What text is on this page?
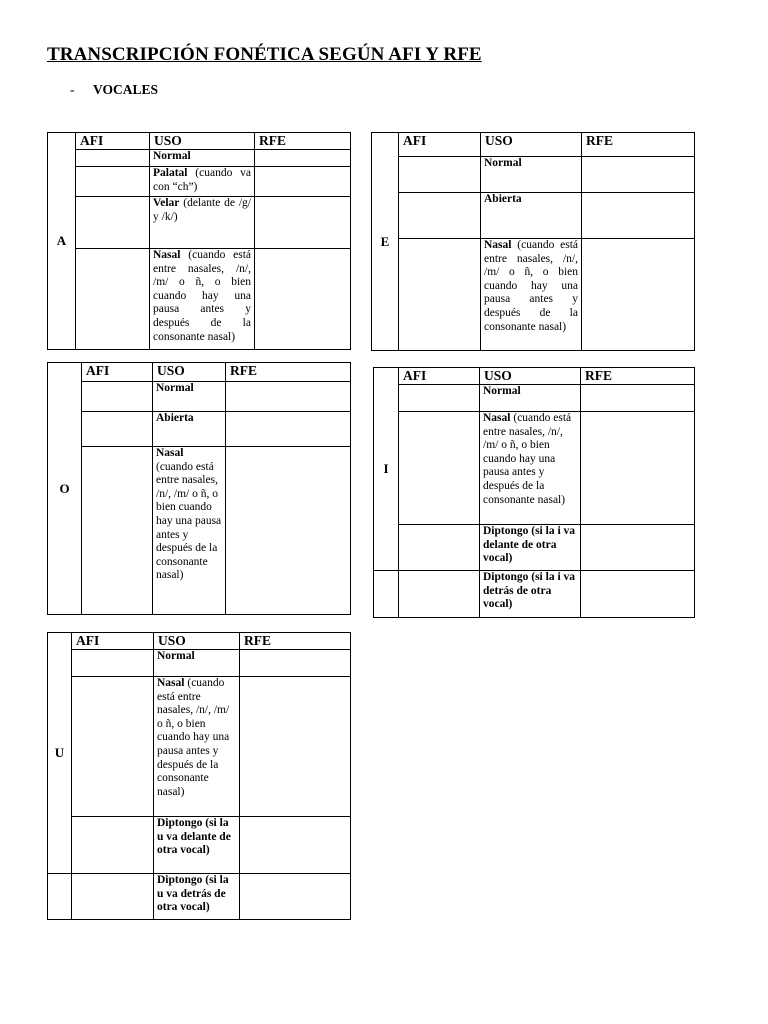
TRANSCRIPCIÓN FONÉTICA SEGÚN AFI Y RFE
- VOCALES
A	AFI	USO	RFE
		Normal	
		Palatal (cuando va con “ch”)	
		Velar (delante de /g/ y /k/)	
		Nasal (cuando está entre nasales, /n/, /m/ o ñ, o bien cuando hay una pausa antes y después de la consonante nasal)	
E	AFI	USO	RFE
		Normal	
		Abierta	
		Nasal (cuando está entre nasales, /n/, /m/ o ñ, o bien cuando hay una pausa antes y después de la consonante nasal)	
O	AFI	USO	RFE
		Normal	
		Abierta	
		Nasal (cuando está entre nasales, /n/, /m/ o ñ, o bien cuando hay una pausa antes y después de la consonante nasal)	
I	AFI	USO	RFE
		Normal	
		Nasal (cuando está entre nasales, /n/, /m/ o ñ, o bien cuando hay una pausa antes y después de la consonante nasal)	
		Diptongo (si la i va delante de otra vocal)	
		Diptongo (si la i va detrás de otra vocal)	
U	AFI	USO	RFE
		Normal	
		Nasal (cuando está entre nasales, /n/, /m/ o ñ, o bien cuando hay una pausa antes y después de la consonante nasal)	
		Diptongo (si la u va delante de otra vocal)	
		Diptongo (si la u va detrás de otra vocal)	
